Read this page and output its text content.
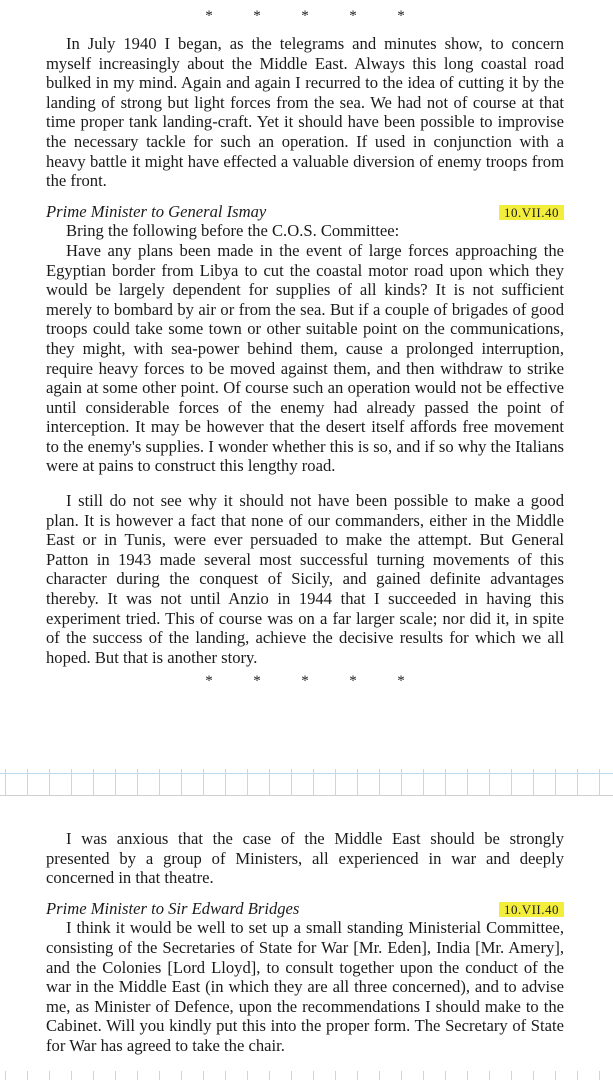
*	*	*	*	*

In July 1940 I began, as the telegrams and minutes show, to concern myself increasingly about the Middle East. Always this long coastal road bulked in my mind. Again and again I recurred to the idea of cutting it by the landing of strong but light forces from the sea. We had not of course at that time proper tank landing-craft. Yet it should have been possible to improvise the necessary tackle for such an operation. If used in conjunction with a heavy battle it might have effected a valuable diversion of enemy troops from the front.

Prime Minister to General Ismay	10.VII.40

Bring the following before the C.O.S. Committee:

Have any plans been made in the event of large forces approaching the Egyptian border from Libya to cut the coastal motor road upon which they would be largely dependent for supplies of all kinds? It is not sufficient merely to bombard by air or from the sea. But if a couple of brigades of good troops could take some town or other suitable point on the communications, they might, with sea-power behind them, cause a prolonged interruption, require heavy forces to be moved against them, and then withdraw to strike again at some other point. Of course such an operation would not be effective until considerable forces of the enemy had already passed the point of interception. It may be however that the desert itself affords free movement to the enemy's supplies. I wonder whether this is so, and if so why the Italians were at pains to construct this lengthy road.

I still do not see why it should not have been possible to make a good plan. It is however a fact that none of our commanders, either in the Middle East or in Tunis, were ever persuaded to make the attempt. But General Patton in 1943 made several most successful turning movements of this character during the conquest of Sicily, and gained definite advantages thereby. It was not until Anzio in 1944 that I succeeded in having this experiment tried. This of course was on a far larger scale; nor did it, in spite of the success of the landing, achieve the decisive results for which we all hoped. But that is another story.

*	*	*	*	*

I was anxious that the case of the Middle East should be strongly presented by a group of Ministers, all experienced in war and deeply concerned in that theatre.

Prime Minister to Sir Edward Bridges	10.VII.40

I think it would be well to set up a small standing Ministerial Committee, consisting of the Secretaries of State for War [Mr. Eden], India [Mr. Amery], and the Colonies [Lord Lloyd], to consult together upon the conduct of the war in the Middle East (in which they are all three concerned), and to advise me, as Minister of Defence, upon the recommendations I should make to the Cabinet. Will you kindly put this into the proper form. The Secretary of State for War has agreed to take the chair.
